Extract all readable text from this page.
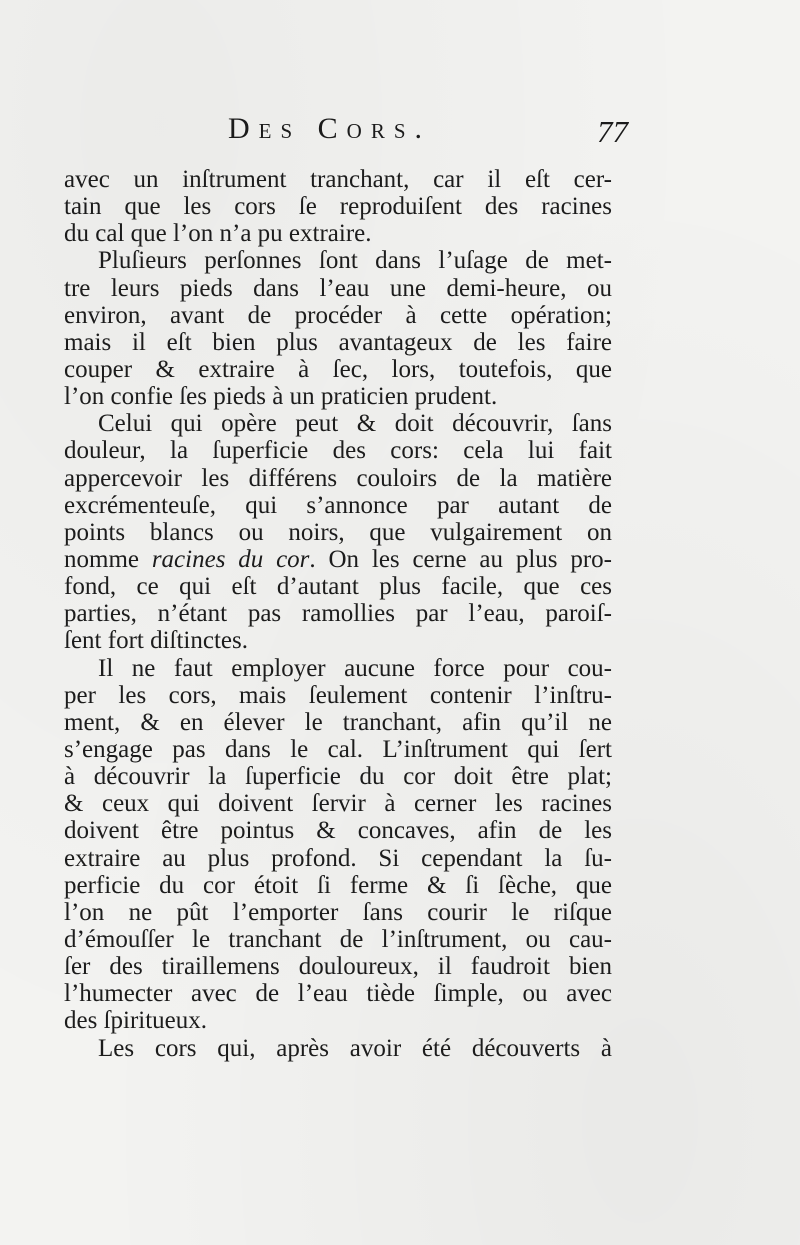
Des Cors.	77
avec un inſtrument tranchant, car il eſt cer-
tain que les cors ſe reproduiſent des racines
du cal que l’on n’a pu extraire.
Pluſieurs perſonnes ſont dans l’uſage de met-
tre leurs pieds dans l’eau une demi-heure, ou
environ, avant de procéder à cette opération;
mais il eſt bien plus avantageux de les faire
couper & extraire à ſec, lors, toutefois, que
l’on confie ſes pieds à un praticien prudent.
Celui qui opère peut & doit découvrir, ſans
douleur, la ſuperficie des cors: cela lui fait
appercevoir les différens couloirs de la matière
excrémenteuſe, qui s’annonce par autant de
points blancs ou noirs, que vulgairement on
nomme racines du cor. On les cerne au plus pro-
fond, ce qui eſt d’autant plus facile, que ces
parties, n’étant pas ramollies par l’eau, paroiſ-
ſent fort diſtinctes.
Il ne faut employer aucune force pour cou-
per les cors, mais ſeulement contenir l’inſtru-
ment, & en élever le tranchant, afin qu’il ne
s’engage pas dans le cal. L’inſtrument qui ſert
à découvrir la ſuperficie du cor doit être plat;
& ceux qui doivent ſervir à cerner les racines
doivent être pointus & concaves, afin de les
extraire au plus profond. Si cependant la ſu-
perficie du cor étoit ſi ferme & ſi ſèche, que
l’on ne pût l’emporter ſans courir le riſque
d’émouſſer le tranchant de l’inſtrument, ou cau-
ſer des tiraillemens douloureux, il faudroit bien
l’humecter avec de l’eau tiède ſimple, ou avec
des ſpiritueux.
Les cors qui, après avoir été découverts à
